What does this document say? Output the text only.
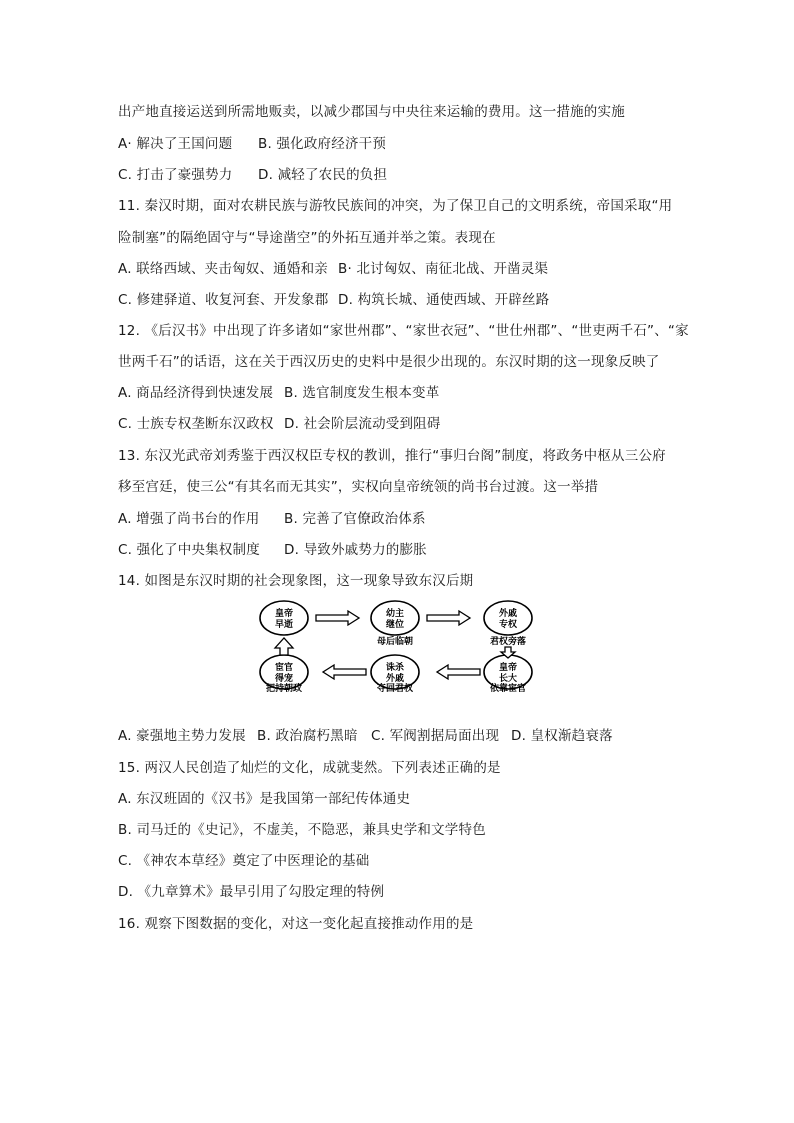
出产地直接运送到所需地贩卖，以减少郡国与中央往来运输的费用。这一措施的实施
A· 解决了王国问题 B. 强化政府经济干预
C. 打击了豪强势力 D. 减轻了农民的负担
11. 秦汉时期，面对农耕民族与游牧民族间的冲突，为了保卫自己的文明系统，帝国采取“用
险制塞”的隔绝固守与“导途凿空”的外拓互通并举之策。表现在
A. 联络西域、夹击匈奴、通婚和亲 B· 北讨匈奴、南征北战、开凿灵渠
C. 修建驿道、收复河套、开发象郡 D. 构筑长城、通使西域、开辟丝路
12. 《后汉书》中出现了许多诸如“家世州郡”、“家世衣冠”、“世仕州郡”、“世吏两千石”、“家
世两千石”的话语，这在关于西汉历史的史料中是很少出现的。东汉时期的这一现象反映了
A. 商品经济得到快速发展 B. 选官制度发生根本变革
C. 士族专权垄断东汉政权 D. 社会阶层流动受到阻碍
13. 东汉光武帝刘秀鉴于西汉权臣专权的教训，推行“事归台阁”制度，将政务中枢从三公府
移至宫廷，使三公“有其名而无其实”，实权向皇帝统领的尚书台过渡。这一举措
A. 增强了尚书台的作用 B. 完善了官僚政治体系
C. 强化了中央集权制度 D. 导致外戚势力的膨胀
14. 如图是东汉时期的社会现象图，这一现象导致东汉后期
皇帝
早逝
幼主
继位
外戚
专权
皇帝
长大
诛杀
外戚
宦官
得宠
母后临朝	君权旁落
依靠宦官
夺回君权
把持朝政
A. 豪强地主势力发展 B. 政治腐朽黑暗 C. 军阀割据局面出现 D. 皇权渐趋衰落
15. 两汉人民创造了灿烂的文化，成就斐然。下列表述正确的是
A. 东汉班固的《汉书》是我国第一部纪传体通史
B. 司马迁的《史记》，不虚美，不隐恶，兼具史学和文学特色
C. 《神农本草经》奠定了中医理论的基础
D. 《九章算术》最早引用了勾股定理的特例
16. 观察下图数据的变化，对这一变化起直接推动作用的是
